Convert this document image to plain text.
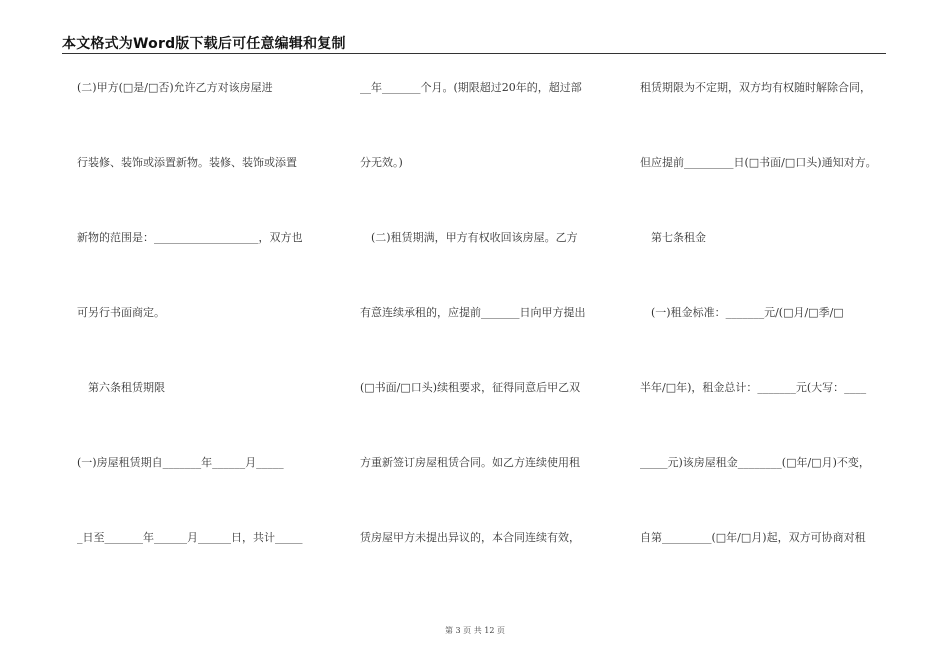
本文格式为Word版下载后可任意编辑和复制
(二)甲方(□是/□否)允许乙方对该房屋进
行装修、装饰或添置新物。装修、装饰或添置
新物的范围是：___________________，双方也
可另行书面商定。
　第六条租赁期限
(一)房屋租赁期自_______年______月_____
_日至_______年______月______日，共计_____
__年_______个月。(期限超过20年的，超过部
分无效。)
　(二)租赁期满，甲方有权收回该房屋。乙方
有意连续承租的，应提前_______日向甲方提出
(□书面/□口头)续租要求，征得同意后甲乙双
方重新签订房屋租赁合同。如乙方连续使用租
赁房屋甲方未提出异议的，本合同连续有效，
租赁期限为不定期，双方均有权随时解除合同，
但应提前_________日(□书面/□口头)通知对方。
　第七条租金
　(一)租金标准：_______元/(□月/□季/□
半年/□年)，租金总计：_______元(大写：____
_____元)该房屋租金________(□年/□月)不变，
自第_________(□年/□月)起，双方可协商对租
第 3 页 共 12 页
